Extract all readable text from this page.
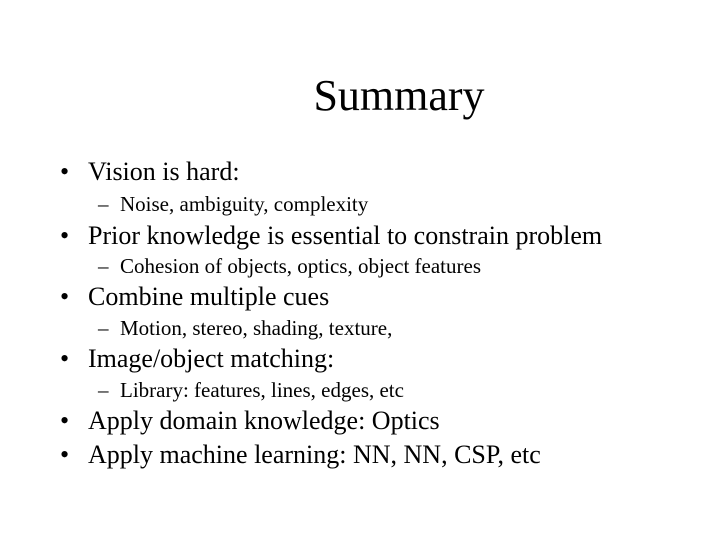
Summary
• Vision is hard:
– Noise, ambiguity, complexity
• Prior knowledge is essential to constrain problem
– Cohesion of objects, optics, object features
• Combine multiple cues
– Motion, stereo, shading, texture,
• Image/object matching:
– Library: features, lines, edges, etc
• Apply domain knowledge: Optics
• Apply machine learning: NN, NN, CSP, etc
